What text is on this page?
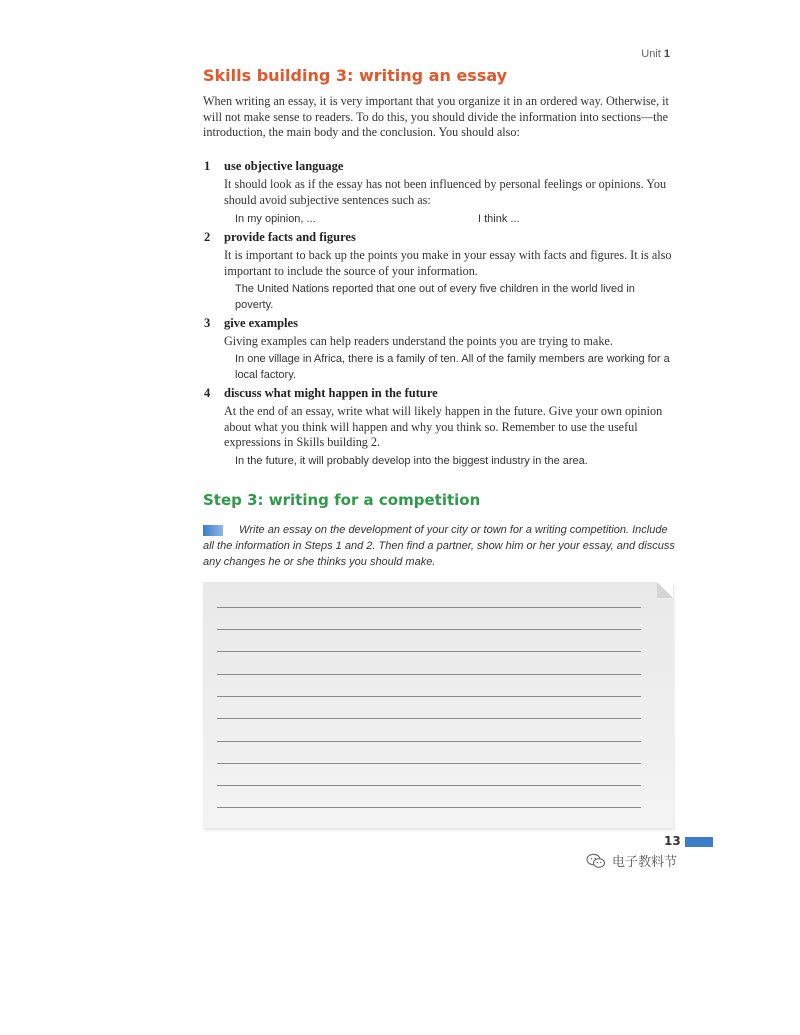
Unit 1
Skills building 3: writing an essay

When writing an essay, it is very important that you organize it in an ordered way. Otherwise, it will not make sense to readers. To do this, you should divide the information into sections—the introduction, the main body and the conclusion. You should also:

1 use objective language

It should look as if the essay has not been influenced by personal feelings or opinions. You should avoid subjective sentences such as:

In my opinion, ...	I think ...
2 provide facts and figures

It is important to back up the points you make in your essay with facts and figures. It is also important to include the source of your information.

The United Nations reported that one out of every five children in the world lived in poverty.

3 give examples

Giving examples can help readers understand the points you are trying to make.

In one village in Africa, there is a family of ten. All of the family members are working for a local factory.

4 discuss what might happen in the future

At the end of an essay, write what will likely happen in the future. Give your own opinion about what you think will happen and why you think so. Remember to use the useful expressions in Skills building 2.

In the future, it will probably develop into the biggest industry in the area.

Step 3: writing for a competition

Write an essay on the development of your city or town for a writing competition. Include all the information in Steps 1 and 2. Then find a partner, show him or her your essay, and discuss any changes he or she thinks you should make.

13
电子教料节
